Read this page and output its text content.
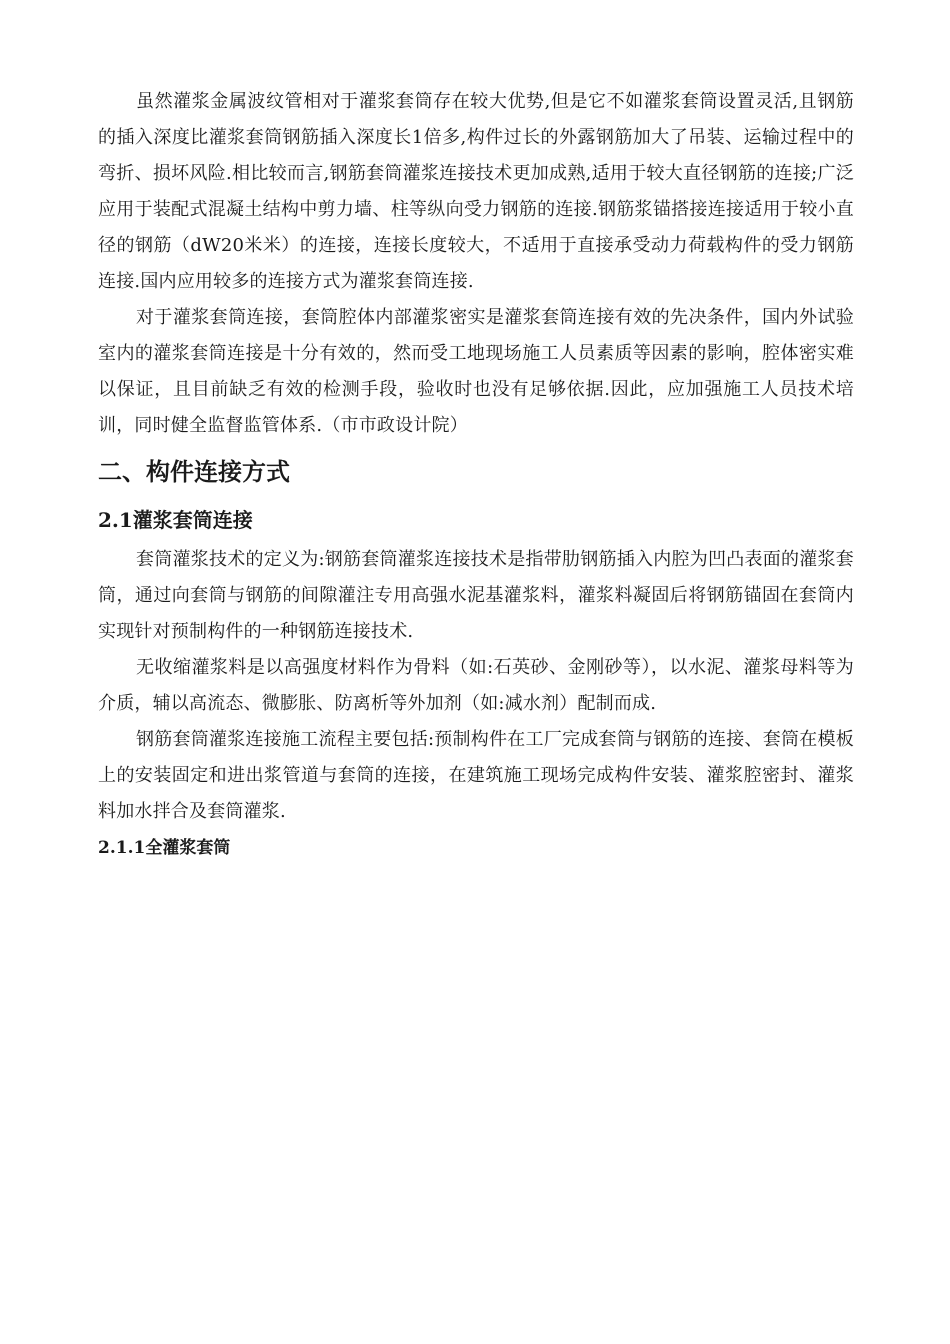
虽然灌浆金属波纹管相对于灌浆套筒存在较大优势,但是它不如灌浆套筒设置灵活,且钢筋的插入深度比灌浆套筒钢筋插入深度长1倍多,构件过长的外露钢筋加大了吊装、运输过程中的弯折、损坏风险.相比较而言,钢筋套筒灌浆连接技术更加成熟,适用于较大直径钢筋的连接;广泛应用于装配式混凝土结构中剪力墙、柱等纵向受力钢筋的连接.钢筋浆锚搭接连接适用于较小直径的钢筋（dW20米米）的连接，连接长度较大，不适用于直接承受动力荷载构件的受力钢筋连接.国内应用较多的连接方式为灌浆套筒连接.

对于灌浆套筒连接，套筒腔体内部灌浆密实是灌浆套筒连接有效的先决条件，国内外试验室内的灌浆套筒连接是十分有效的，然而受工地现场施工人员素质等因素的影响，腔体密实难以保证，且目前缺乏有效的检测手段，验收时也没有足够依据.因此，应加强施工人员技术培训，同时健全监督监管体系.（市市政设计院）

二、构件连接方式
2.1灌浆套筒连接

套筒灌浆技术的定义为:钢筋套筒灌浆连接技术是指带肋钢筋插入内腔为凹凸表面的灌浆套筒，通过向套筒与钢筋的间隙灌注专用高强水泥基灌浆料，灌浆料凝固后将钢筋锚固在套筒内实现针对预制构件的一种钢筋连接技术.

无收缩灌浆料是以高强度材料作为骨料（如:石英砂、金刚砂等），以水泥、灌浆母料等为介质，辅以高流态、微膨胀、防离析等外加剂（如:减水剂）配制而成.

钢筋套筒灌浆连接施工流程主要包括:预制构件在工厂完成套筒与钢筋的连接、套筒在模板上的安装固定和进出浆管道与套筒的连接，在建筑施工现场完成构件安装、灌浆腔密封、灌浆料加水拌合及套筒灌浆.

2.1.1全灌浆套筒
